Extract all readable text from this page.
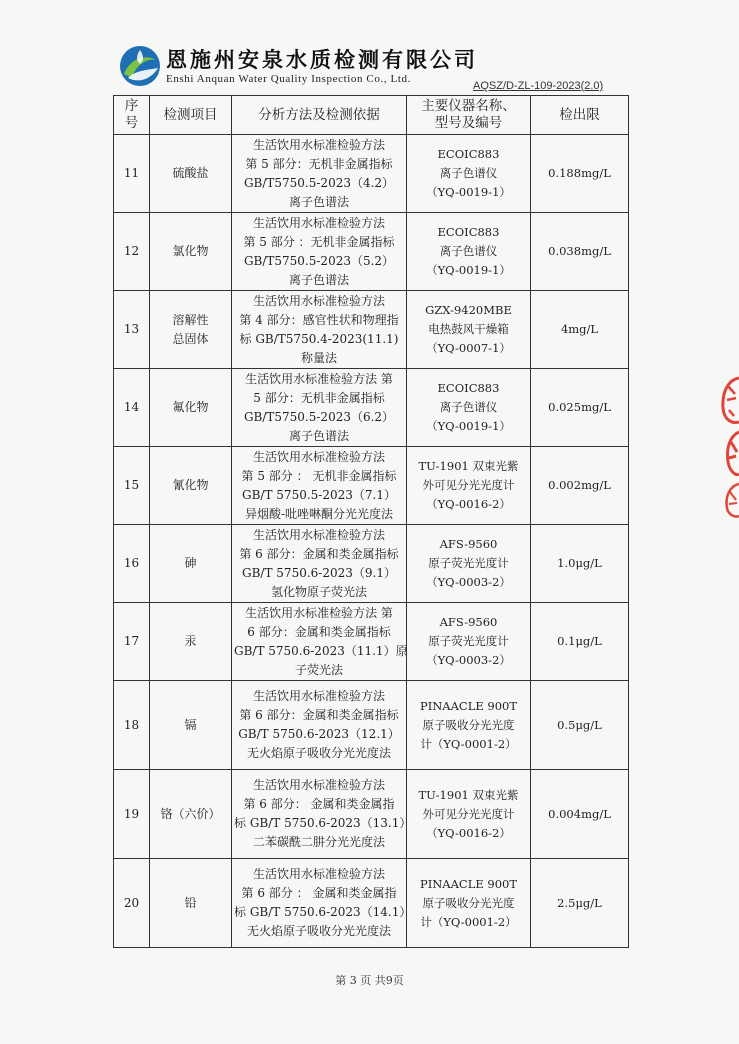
恩施州安泉水质检测有限公司
Enshi Anquan Water Quality Inspection Co., Ltd.
AQSZ/D-ZL-109-2023(2.0)
序
号	检测项目	分析方法及检测依据	主要仪器名称、
型号及编号	检出限

11	硫酸盐	生活饮用水标准检验方法
第 5 部分：无机非金属指标
GB/T5750.5-2023（4.2）
离子色谱法	ECOIC883
离子色谱仪
（YQ-0019-1）	0.188mg/L
12	氯化物	生活饮用水标准检验方法
第 5 部分 ：无机非金属指标
GB/T5750.5-2023（5.2）
离子色谱法	ECOIC883
离子色谱仪
（YQ-0019-1）	0.038mg/L
13	溶解性
总固体	生活饮用水标准检验方法
第 4 部分：感官性状和物理指
标 GB/T5750.4-2023(11.1)
称量法	GZX-9420MBE
电热鼓风干燥箱
（YQ-0007-1）	4mg/L
14	氟化物	生活饮用水标准检验方法 第
5 部分：无机非金属指标
GB/T5750.5-2023（6.2）
离子色谱法	ECOIC883
离子色谱仪
（YQ-0019-1）	0.025mg/L
15	氰化物	生活饮用水标准检验方法
第 5 部分 ： 无机非金属指标
GB/T 5750.5-2023（7.1）
异烟酸-吡唑啉酮分光光度法	TU-1901 双束光紫
外可见分光光度计
（YQ-0016-2）	0.002mg/L
16	砷	生活饮用水标准检验方法
第 6 部分：金属和类金属指标
GB/T 5750.6-2023（9.1）
氢化物原子荧光法	AFS-9560
原子荧光光度计
（YQ-0003-2）	1.0μg/L
17	汞	生活饮用水标准检验方法 第
6 部分：金属和类金属指标
GB/T 5750.6-2023（11.1）原
子荧光法	AFS-9560
原子荧光光度计
（YQ-0003-2）	0.1μg/L
18	镉	生活饮用水标准检验方法
第 6 部分：金属和类金属指标
GB/T 5750.6-2023（12.1）
无火焰原子吸收分光光度法	PINAACLE 900T
原子吸收分光光度
计（YQ-0001-2）	0.5μg/L
19	铬（六价）	生活饮用水标准检验方法
第 6 部分： 金属和类金属指
标 GB/T 5750.6-2023（13.1）
二苯碳酰二肼分光光度法	TU-1901 双束光紫
外可见分光光度计
（YQ-0016-2）	0.004mg/L
20	铅	生活饮用水标准检验方法
第 6 部分 ： 金属和类金属指
标 GB/T 5750.6-2023（14.1）
无火焰原子吸收分光光度法	PINAACLE 900T
原子吸收分光光度
计（YQ-0001-2）	2.5μg/L
第 3 页 共9页
